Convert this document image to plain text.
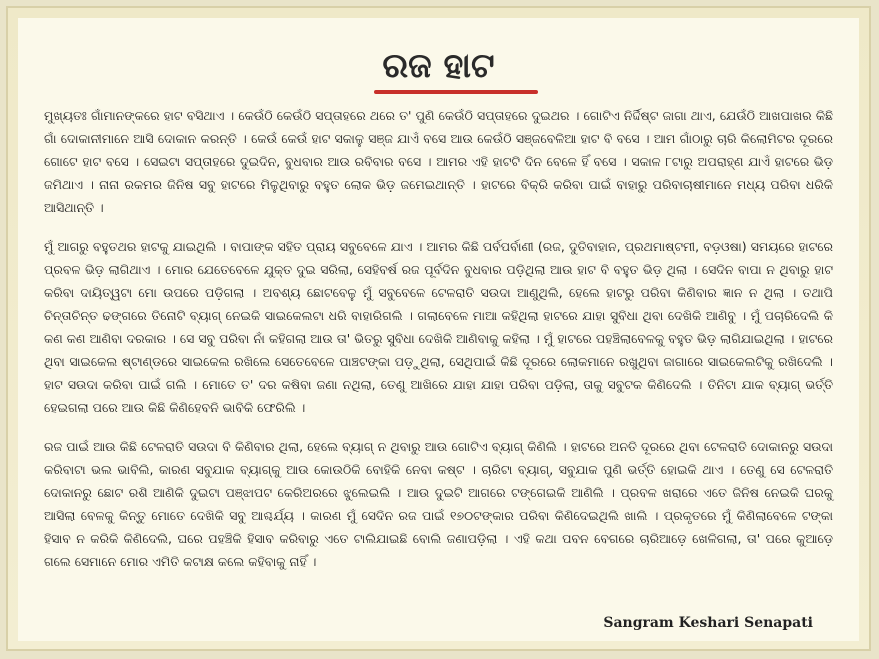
ରଜ ହାଟ

ମୁଖ୍ୟତଃ ଗାଁମାନଙ୍କରେ ହାଟ ବସିଥାଏ । କେଉଁଠି କେଉଁଠି ସପ୍ତାହରେ ଥରେ ତ' ପୁଣି କେଉଁଠି ସପ୍ତାହରେ ଦୁଇଥର । ଗୋଟିଏ ନିର୍ଦ୍ଦିଷ୍ଟ ଜାଗା ଥାଏ, ଯେଉଁଠି ଆଖପାଖର କିଛି ଗାଁ ଦୋକାନୀମାନେ ଆସି ଦୋକାନ କରନ୍ତି । କେଉଁ କେଉଁ ହାଟ ସକାଳୁ ସଞ୍ଜ ଯାଏଁ ବସେ ଆଉ କେଉଁଠି ସଞ୍ଜବେଳିଆ ହାଟ ବି ବସେ । ଆମ ଗାଁଠାରୁ ଚାରି କିଲୋମିଟର ଦୂରରେ ଗୋଟେ ହାଟ ବସେ । ସେଇଟା ସପ୍ତାହରେ ଦୁଇଦିନ, ବୁଧବାର ଆଉ ରବିବାର ବସେ । ଆମର ଏହି ହାଟଟି ଦିନ ବେଳେ ହିଁ ବସେ । ସକାଳ ୮ଟାରୁ ଅପରାହ୍ଣ ଯାଏଁ ହାଟରେ ଭିଡ଼ ଜମିଥାଏ । ନାନା ରକମର ଜିନିଷ ସବୁ ହାଟରେ ମିଳୁଥିବାରୁ ବହୁତ ଲୋକ ଭିଡ଼ ଜମେଇଥାନ୍ତି । ହାଟରେ ବିକ୍ରି କରିବା ପାଇଁ ବାହାରୁ ପରିବାଚାଷୀମାନେ ମଧ୍ୟ ପରିବା ଧରିକି ଆସିଥାନ୍ତି ।

ମୁଁ ଆଗରୁ ବହୁତଥର ହାଟକୁ ଯାଇଥିଲି । ବାପାଙ୍କ ସହିତ ପ୍ରାୟ ସବୁବେଳେ ଯାଏ । ଆମର କିଛି ପର୍ବପର୍ବାଣୀ (ରଜ, ଦୁତିବାହାନ, ପ୍ରଥମାଷ୍ଟମୀ, ବଡ଼ଓଷା) ସମୟରେ ହାଟରେ ପ୍ରବଳ ଭିଡ଼ ଲାଗିଥାଏ । ମୋର ଯେତେବେଳେ ଯୁକ୍ତ ଦୁଇ ସରିଲା, ସେହିବର୍ଷ ରଜ ପୂର୍ବଦିନ ବୁଧବାର ପଡ଼ିଥିଲା ଆଉ ହାଟ ବି ବହୁତ ଭିଡ଼ ଥିଲା । ସେଦିନ ବାପା ନ ଥିବାରୁ ହାଟ କରିବା ଦାୟିତ୍ୱଟା ମୋ ଉପରେ ପଡ଼ିଗଲା । ଅବଶ୍ୟ ଛୋଟବେଳୁ ମୁଁ ସବୁବେଳେ ଟେଳରାତି ସଉଦା ଆଣୁଥିଲି, ହେଲେ ହାଟରୁ ପରିବା କିଣିବାର ଜ୍ଞାନ ନ ଥିଲା । ତଥାପି ଚିନ୍ତାଚିନ୍ତ ଢଙ୍ଗରେ ତିନୋଟି ବ୍ୟାଗ୍ ନେଇକି ସାଇକେଲଟା ଧରି ବାହାରିଗଲି । ଗଲାବେଳେ ମାଆ କହିଥିଲା ହାଟରେ ଯାହା ସୁବିଧା ଥିବା ଦେଖିକି ଆଣିବୁ । ମୁଁ ପଚାରିଦେଲି କି କଣ କଣ ଆଣିବା ଦରକାର । ସେ ସବୁ ପରିବା ନାଁ କହିଗଲା ଆଉ ତା' ଭିତରୁ ସୁବିଧା ଦେଖିକି ଆଣିବାକୁ କହିଲା । ମୁଁ ହାଟରେ ପହଞ୍ଚିଲାବେଳକୁ ବହୁତ ଭିଡ଼ ଲାଗିଯାଇଥିଲା । ହାଟରେ ଥିବା ସାଇକେଲ ଷ୍ଟାଣ୍ଡରେ ସାଇକେଲ ରଖିଲେ ସେତେବେଳେ ପାଞ୍ଚଟଙ୍କା ପଡ଼ୁଥିଲା, ସେଥିପାଇଁ କିଛି ଦୂରରେ ଲୋକମାନେ ରଖୁଥିବା ଜାଗାରେ ସାଇକେଲଟିକୁ ରଖିଦେଲି । ହାଟ ସଉଦା କରିବା ପାଇଁ ଗଲି । ମୋତେ ତ' ଦର କଷିବା ଜଣା ନଥିଲା, ତେଣୁ ଆଖିରେ ଯାହା ଯାହା ପରିବା ପଡ଼ିଲା, ତାକୁ ସବୁଟକ କିଣିଦେଲି । ତିନିଟା ଯାକ ବ୍ୟାଗ୍ ଭର୍ତ୍ତି ହେଇଗଲା ପରେ ଆଉ କିଛି କିଣିହେବନି ଭାବିକି ଫେରିଲି ।

ରଜ ପାଇଁ ଆଉ କିଛି ଟେଳରାତି ସଉଦା ବି କିଣିବାର ଥିଲା, ହେଲେ ବ୍ୟାଗ୍ ନ ଥିବାରୁ ଆଉ ଗୋଟିଏ ବ୍ୟାଗ୍ କିଣିଲି । ହାଟରେ ଅନତି ଦୂରରେ ଥିବା ଟେଳରାତି ଦୋକାନରୁ ସଉଦା କରିବାଟା ଭଲ ଭାବିଲି, କାରଣ ସବୁଯାକ ବ୍ୟାଗ୍କୁ ଆଉ କୋଉଠିକି ବୋହିକି ନେବା କଷ୍ଟ । ଚାରିଟା ବ୍ୟାଗ୍, ସବୁଯାକ ପୁଣି ଭର୍ତ୍ତି ହୋଇକି ଥାଏ । ତେଣୁ ସେ ଟେଳରାତି ଦୋକାନରୁ ଛୋଟ ରଶି ଆଣିକି ଦୁଇଟା ପଞ୍ଝାପଟ କେରିଅରରେ ଝୁଲେଇଲି । ଆଉ ଦୁଇଟି ଆଗରେ ଟଙ୍ଗେଇକି ଆଣିଲି । ପ୍ରବଳ ଖରାରେ ଏତେ ଜିନିଷ ନେଇକି ଘରକୁ ଆସିଲା ବେଳକୁ କିନ୍ତୁ ମୋତେ ଦେଖିକି ସବୁ ଆଶ୍ଚର୍ଯ୍ୟ । କାରଣ ମୁଁ ସେଦିନ ରଜ ପାଇଁ ୧୭୦ଟଙ୍କାର ପରିବା କିଣିଦେଇଥିଲି ଖାଲି । ପ୍ରକୃତରେ ମୁଁ କିଣିଲାବେଳେ ଟଙ୍କା ହିସାବ ନ କରିକି କିଣିଦେଲି, ଘରେ ପହଞ୍ଚିକି ହିସାବ କରିବାରୁ ଏତେ ଟାଲିଯାଇଛି ବୋଲି ଜଣାପଡ଼ିଲା । ଏହି କଥା ପବନ ବେଗରେ ଚାରିଆଡ଼େ ଖେଳିଗଲା, ତା' ପରେ କୁଆଡ଼େ ଗଲେ ସେମାନେ ମୋର ଏମିତି କଟାକ୍ଷ କଲେ କହିବାକୁ ନାହିଁ ।

Sangram Keshari Senapati
